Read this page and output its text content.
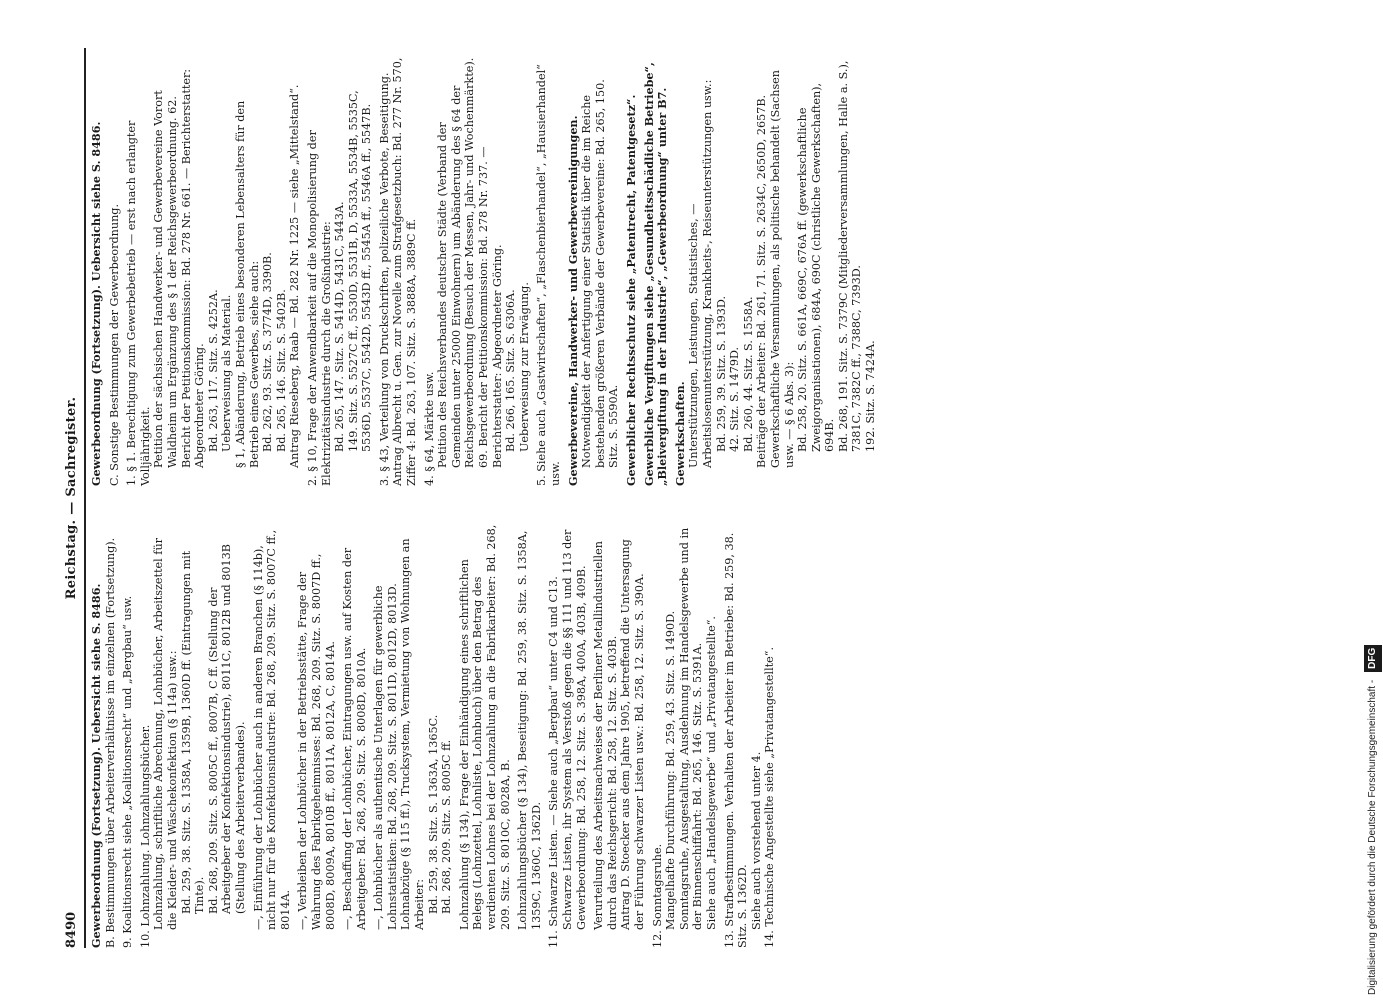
8490
Reichstag. — Sachregister.

Gewerbeordnung (Fortsetzung). Uebersicht siehe S. 8486. B. Bestimmungen über Arbeiterverhältnisse im einzelnen (Fortsetzung). 9. Koalitionsrecht siehe „Koalitionsrecht“ und „Bergbau“ usw. 10. Lohnzahlung. Lohnzahlungsbücher. Lohnzahlung, schriftliche Abrechnung, Lohnbücher, Arbeitszettel für die Kleider- und Wäschekonfektion (§ 114a) usw.: Bd. 259, 38. Sitz. S. 1358A, 1359B, 1360D ff. (Eintragungen mit Tinte). Bd. 268, 209. Sitz. S. 8005C ff., 8007B, C ff. (Stellung der Arbeitgeber der Konfektionsindustrie), 8011C, 8012B und 8013B (Stellung des Arbeiterverbandes). —, Einführung der Lohnbücher auch in anderen Branchen (§ 114b), nicht nur für die Konfektionsindustrie: Bd. 268, 209. Sitz. S. 8007C ff., 8014A. —, Verbleiben der Lohnbücher in der Betriebsstätte, Frage der Wahrung des Fabrikgeheimnisses: Bd. 268, 209. Sitz. S. 8007D ff., 8008D, 8009A, 8010B ff., 8011A, 8012A, C, 8014A. —, Beschaffung der Lohnbücher, Eintragungen usw. auf Kosten der Arbeitgeber: Bd. 268, 209. Sitz. S. 8008D, 8010A. —, Lohnbücher als authentische Unterlagen für gewerbliche Lohnstatistiken: Bd. 268, 209. Sitz. S. 8011D, 8012D, 8013D. Lohnabzüge (§ 115 ff.), Trucksystem, Vermietung von Wohnungen an Arbeiter: Bd. 259, 38. Sitz. S. 1363A, 1365C. Bd. 268, 209. Sitz. S. 8005C ff. Lohnzahlung (§ 134), Frage der Einhändigung eines schriftlichen Belegs (Lohnzettel, Lohnliste, Lohnbuch) über den Betrag des verdienten Lohnes bei der Lohnzahlung an die Fabrikarbeiter: Bd. 268, 209. Sitz. S. 8010C, 8028A, B. Lohnzahlungsbücher (§ 134), Beseitigung: Bd. 259, 38. Sitz. S. 1358A, 1359C, 1360C, 1362D. 11. Schwarze Listen. — Siehe auch „Bergbau“ unter C4 und C13. Schwarze Listen, ihr System als Verstoß gegen die §§ 111 und 113 der Gewerbeordnung: Bd. 258, 12. Sitz. S. 398A, 400A, 403B, 409B. Verurteilung des Arbeitsnachweises der Berliner Metallindustriellen durch das Reichsgericht: Bd. 258, 12. Sitz. S. 403B. Antrag D. Stoecker aus dem Jahre 1905, betreffend die Untersagung der Führung schwarzer Listen usw.: Bd. 258, 12. Sitz. S. 390A. 12. Sonntagsruhe. Mangelhafte Durchführung: Bd. 259, 43. Sitz. S. 1490D. Sonntagsruhe, Ausgestaltung, Ausdehnung im Handelsgewerbe und in der Binnenschiffahrt: Bd. 265, 146. Sitz. S. 5391A. Siehe auch „Handelsgewerbe“ und „Privatangestellte“. 13. Strafbestimmungen. Verhalten der Arbeiter im Betriebe: Bd. 259, 38. Sitz. S. 1362D. Siehe auch vorstehend unter 4. 14. Technische Angestellte siehe „Privatangestellte“.

Gewerbeordnung (Fortsetzung). Uebersicht siehe S. 8486. C. Sonstige Bestimmungen der Gewerbeordnung. 1. § 1. Berechtigung zum Gewerbebetrieb — erst nach erlangter Volljährigkeit. Petition der sächsischen Handwerker- und Gewerbevereine Vorort Waldheim um Ergänzung des § 1 der Reichsgewerbeordnung. 62. Bericht der Petitionskommission: Bd. 278 Nr. 661. — Berichterstatter: Abgeordneter Göring. Bd. 263, 117. Sitz. S. 4252A. Ueberweisung als Material. § 1, Abänderung, Betrieb eines besonderen Lebensalters für den Betrieb eines Gewerbes, siehe auch: Bd. 262, 93. Sitz. S. 3774D, 3390B. Bd. 265, 146. Sitz. S. 5402B. Antrag Rieseberg, Raab — Bd. 282 Nr. 1225 — siehe „Mittelstand“. 2. § 10, Frage der Anwendbarkeit auf die Monopolisierung der Elektrizitätsindustrie durch die Großindustrie: Bd. 265, 147. Sitz. S. 5414D, 5431C, 5443A. 149. Sitz. S. 5527C ff., 5530D, 5531B, D, 5533A, 5534B, 5535C, 5536D, 5537C, 5542D, 5543D ff., 5545A ff., 5546A ff., 5547B. 3. § 43, Verteilung von Druckschriften, polizeiliche Verbote, Beseitigung. Antrag Albrecht u. Gen. zur Novelle zum Strafgesetzbuch: Bd. 277 Nr. 570, Ziffer 4: Bd. 263, 107. Sitz. S. 3888A, 3889C ff. 4. § 64, Märkte usw. Petition des Reichsverbandes deutscher Städte (Verband der Gemeinden unter 25000 Einwohnern) um Abänderung des § 64 der Reichsgewerbeordnung (Besuch der Messen, Jahr- und Wochenmärkte). 69. Bericht der Petitionskommission: Bd. 278 Nr. 737. — Berichterstatter: Abgeordneter Göring. Bd. 266, 165. Sitz. S. 6306A. Ueberweisung zur Erwägung. 5. Siehe auch „Gastwirtschaften“, „Flaschenbierhandel“, „Hausierhandel“ usw. Gewerbevereine, Handwerker- und Gewerbevereinigungen. Notwendigkeit der Anfertigung einer Statistik über die im Reiche bestehenden größeren Verbände der Gewerbevereine: Bd. 265, 150. Sitz. S. 5590A. Gewerblicher Rechtsschutz siehe „Patentrecht, Patentgesetz“. Gewerbliche Vergiftungen siehe „Gesundheitsschädliche Betriebe“, „Bleivergiftung in der Industrie“, „Gewerbeordnung“ unter B7. Gewerkschaften. Unterstützungen, Leistungen, Statistisches, — Arbeitslosenunterstützung, Krankheits-, Reiseunterstützungen usw.: Bd. 259, 39. Sitz. S. 1393D. 42. Sitz. S. 1479D. Bd. 260, 44. Sitz. S. 1558A. Beiträge der Arbeiter: Bd. 261, 71. Sitz. S. 2634C, 2650D, 2657B. Gewerkschaftliche Versammlungen, als politische behandelt (Sachsen usw. — § 6 Abs. 3): Bd. 258, 20. Sitz. S. 661A, 669C, 676A ff. (gewerkschaftliche Zweigorganisationen), 684A, 690C (christliche Gewerkschaften), 694B. Bd. 268, 191. Sitz. S. 7379C (Mitgliederversammlungen, Halle a. S.), 7381C, 7382C ff., 7388C, 7393D. 192. Sitz. S. 7424A.

Digitalisierung gefördert durch die Deutsche Forschungsgemeinschaft -DFG
